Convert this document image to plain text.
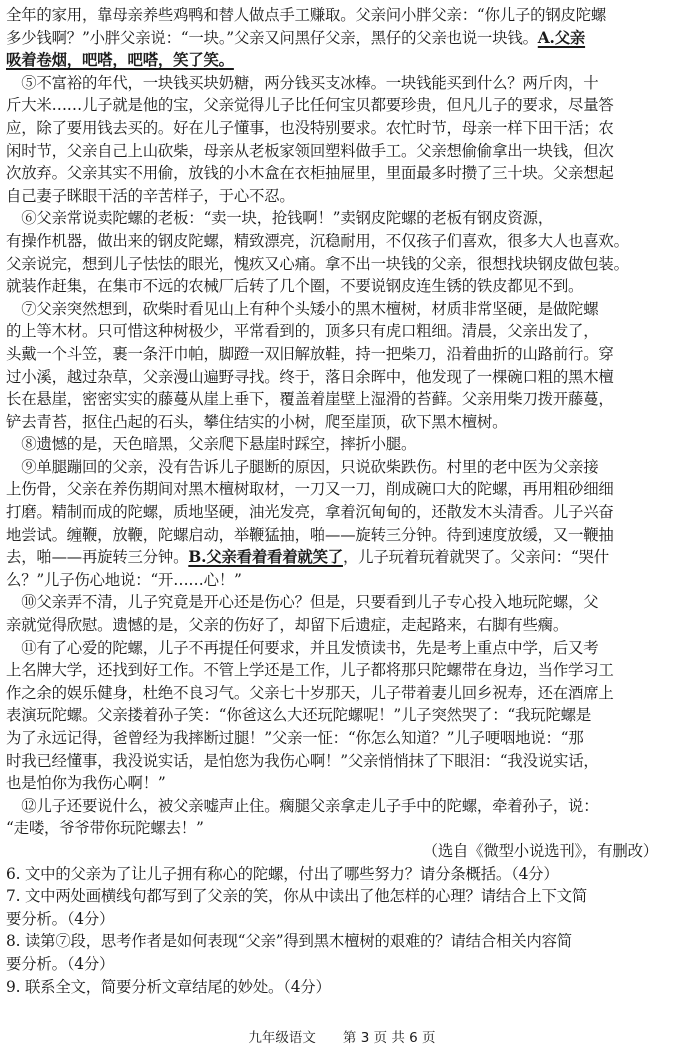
全年的家用，靠母亲养些鸡鸭和替人做点手工赚取。父亲问小胖父亲：“你儿子的钢皮陀螺
多少钱啊？”小胖父亲说：“一块。”父亲又问黑仔父亲，黑仔的父亲也说一块钱。A.父亲
吸着卷烟，吧嗒，吧嗒，笑了笑。
　⑤不富裕的年代，一块钱买块奶糖，两分钱买支冰棒。一块钱能买到什么？两斤肉，十
斤大米……儿子就是他的宝，父亲觉得儿子比任何宝贝都要珍贵，但凡儿子的要求，尽量答
应，除了要用钱去买的。好在儿子懂事，也没特别要求。农忙时节，母亲一样下田干活；农
闲时节，父亲自己上山砍柴，母亲从老板家领回塑料做手工。父亲想偷偷拿出一块钱，但次
次放弃。父亲其实不用偷，放钱的小木盒在衣柜抽屉里，里面最多时攒了三十块。父亲想起
自己妻子眯眼干活的辛苦样子，于心不忍。
　⑥父亲常说卖陀螺的老板：“卖一块，抢钱啊！”卖钢皮陀螺的老板有钢皮资源，
有操作机器，做出来的钢皮陀螺，精致漂亮，沉稳耐用，不仅孩子们喜欢，很多大人也喜欢。
父亲说完，想到儿子怯怯的眼光，愧疚又心痛。拿不出一块钱的父亲，很想找块钢皮做包装。
就装作赶集，在集市不远的农械厂后转了几个圈，不要说钢皮连生锈的铁皮都见不到。
　⑦父亲突然想到，砍柴时看见山上有种个头矮小的黑木檀树，材质非常坚硬，是做陀螺
的上等木材。只可惜这种树极少，平常看到的，顶多只有虎口粗细。清晨，父亲出发了，
头戴一个斗笠，裹一条汗巾帕，脚蹬一双旧解放鞋，持一把柴刀，沿着曲折的山路前行。穿
过小溪，越过杂草，父亲漫山遍野寻找。终于，落日余晖中，他发现了一棵碗口粗的黑木檀
长在悬崖，密密实实的藤蔓从崖上垂下，覆盖着崖壁上湿滑的苔藓。父亲用柴刀拨开藤蔓，
铲去青苔，抠住凸起的石头，攀住结实的小树，爬至崖顶，砍下黑木檀树。
　⑧遗憾的是，天色暗黑，父亲爬下悬崖时踩空，摔折小腿。
　⑨单腿蹦回的父亲，没有告诉儿子腿断的原因，只说砍柴跌伤。村里的老中医为父亲接
上伤骨，父亲在养伤期间对黑木檀树取材，一刀又一刀，削成碗口大的陀螺，再用粗砂细细
打磨。精制而成的陀螺，质地坚硬，油光发亮，拿着沉甸甸的，还散发木头清香。儿子兴奋
地尝试。缠鞭，放鞭，陀螺启动，举鞭猛抽，啪——旋转三分钟。待到速度放缓，又一鞭抽
去，啪——再旋转三分钟。B.父亲看着看着就笑了，儿子玩着玩着就哭了。父亲问：“哭什
么？”儿子伤心地说：“开……心！”
　⑩父亲弄不清，儿子究竟是开心还是伤心？但是，只要看到儿子专心投入地玩陀螺，父
亲就觉得欣慰。遗憾的是，父亲的伤好了，却留下后遗症，走起路来，右脚有些瘸。
　⑪有了心爱的陀螺，儿子不再提任何要求，并且发愤读书，先是考上重点中学，后又考
上名牌大学，还找到好工作。不管上学还是工作，儿子都将那只陀螺带在身边，当作学习工
作之余的娱乐健身，杜绝不良习气。父亲七十岁那天，儿子带着妻儿回乡祝寿，还在酒席上
表演玩陀螺。父亲搂着孙子笑：“你爸这么大还玩陀螺呢！”儿子突然哭了：“我玩陀螺是
为了永远记得，爸曾经为我摔断过腿！”父亲一怔：“你怎么知道？”儿子哽咽地说：“那
时我已经懂事，我没说实话，是怕您为我伤心啊！”父亲悄悄抹了下眼泪：“我没说实话，
也是怕你为我伤心啊！”
　⑫儿子还要说什么，被父亲嘘声止住。瘸腿父亲拿走儿子手中的陀螺，牵着孙子，说：
“走喽，爷爷带你玩陀螺去！”
（选自《微型小说选刊》，有删改）
6. 文中的父亲为了让儿子拥有称心的陀螺，付出了哪些努力？请分条概括。（4分）
7. 文中两处画横线句都写到了父亲的笑，你从中读出了他怎样的心理？请结合上下文简
要分析。（4分）
8. 读第⑦段，思考作者是如何表现“父亲”得到黑木檀树的艰难的？请结合相关内容简
要分析。（4分）
9. 联系全文，简要分析文章结尾的妙处。（4分）
九年级语文　　第 3 页 共 6 页
